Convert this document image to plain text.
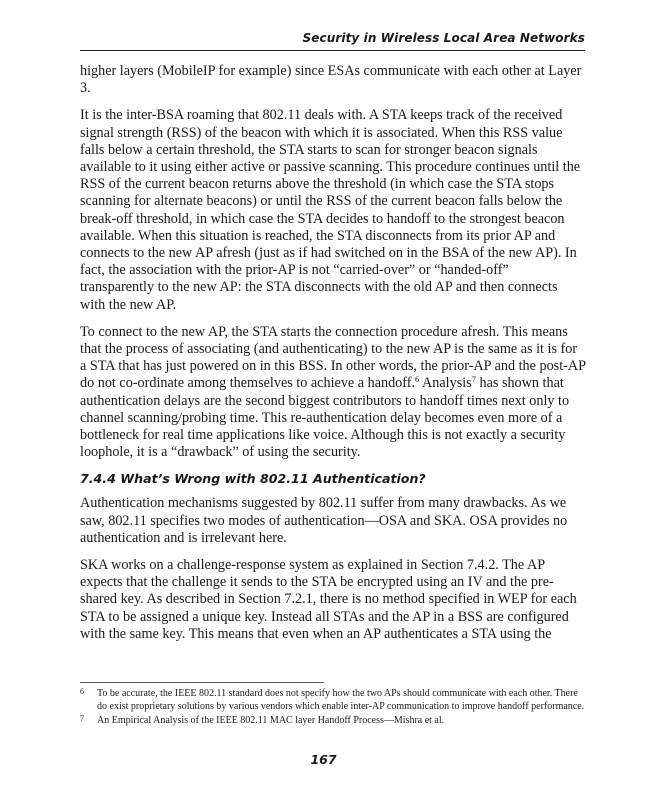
Security in Wireless Local Area Networks

higher layers (MobileIP for example) since ESAs communicate with each other at Layer 3.

It is the inter-BSA roaming that 802.11 deals with. A STA keeps track of the received signal strength (RSS) of the beacon with which it is associated. When this RSS value falls below a certain threshold, the STA starts to scan for stronger beacon signals available to it using either active or passive scanning. This procedure continues until the RSS of the current beacon returns above the threshold (in which case the STA stops scanning for alternate beacons) or until the RSS of the current beacon falls below the break-off threshold, in which case the STA decides to handoff to the strongest beacon available. When this situation is reached, the STA disconnects from its prior AP and connects to the new AP afresh (just as if had switched on in the BSA of the new AP). In fact, the association with the prior-AP is not “carried-over” or “handed-off” transparently to the new AP: the STA disconnects with the old AP and then connects with the new AP.

To connect to the new AP, the STA starts the connection procedure afresh. This means that the process of associating (and authenticating) to the new AP is the same as it is for a STA that has just powered on in this BSS. In other words, the prior-AP and the post-AP do not co-ordinate among themselves to achieve a handoff.$^6$ Analysis$^7$ has shown that authentication delays are the second biggest contributors to handoff times next only to channel scanning/probing time. This re-authentication delay becomes even more of a bottleneck for real time applications like voice. Although this is not exactly a security loophole, it is a “drawback” of using the security.

7.4.4 What’s Wrong with 802.11 Authentication?

Authentication mechanisms suggested by 802.11 suffer from many drawbacks. As we saw, 802.11 specifies two modes of authentication—OSA and SKA. OSA provides no authentication and is irrelevant here.

SKA works on a challenge-response system as explained in Section 7.4.2. The AP expects that the challenge it sends to the STA be encrypted using an IV and the pre-shared key. As described in Section 7.2.1, there is no method specified in WEP for each STA to be assigned a unique key. Instead all STAs and the AP in a BSS are configured with the same key. This means that even when an AP authenticates a STA using the

6 To be accurate, the IEEE 802.11 standard does not specify how the two APs should communicate with each other. There do exist proprietary solutions by various vendors which enable inter-AP communication to improve handoff performance.
7 An Empirical Analysis of the IEEE 802.11 MAC layer Handoff Process—Mishra et al.
167
